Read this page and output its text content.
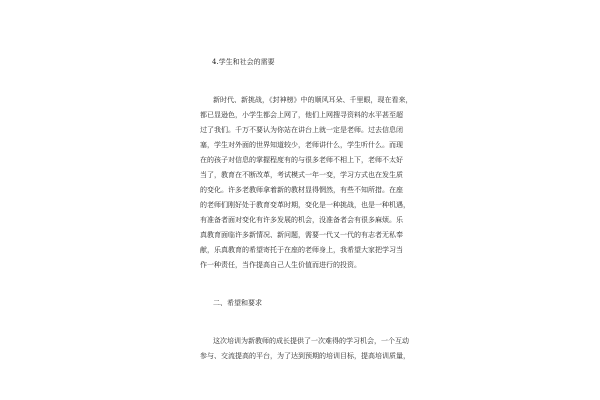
4.学生和社会的需要
新时代、新挑战，《封神榜》中的顺风耳朵、千里眼，现在看来，
都已显逊色，小学生都会上网了，他们上网搜寻资料的水平甚至超
过了我们。千万不要认为你站在讲台上就一定是老师。过去信息闭
塞，学生对外面的世界知道较少，老师讲什么，学生听什么。而现
在的孩子对信息的掌握程度有的与很多老师不相上下，老师不太好
当了，教育在不断改革，考试模式一年一变，学习方式也在发生质
的变化。许多老教师拿着新的教材显得惘然，有些不知所措。在座
的老师们刚好处于教育变革时期，变化是一种挑战，也是一种机遇，
有准备者面对变化有许多发展的机会，没准备者会有很多麻烦。乐
真教育面临许多新情况、新问题，需要一代又一代的有志者无私奉
献，乐真教育的希望寄托于在座的老师身上，我希望大家把学习当
作一种责任，当作提高自己人生价值而进行的投资。
二、希望和要求
这次培训为新教师的成长提供了一次难得的学习机会，一个互动
参与、交流提高的平台，为了达到预期的培训目标，提高培训质量，
